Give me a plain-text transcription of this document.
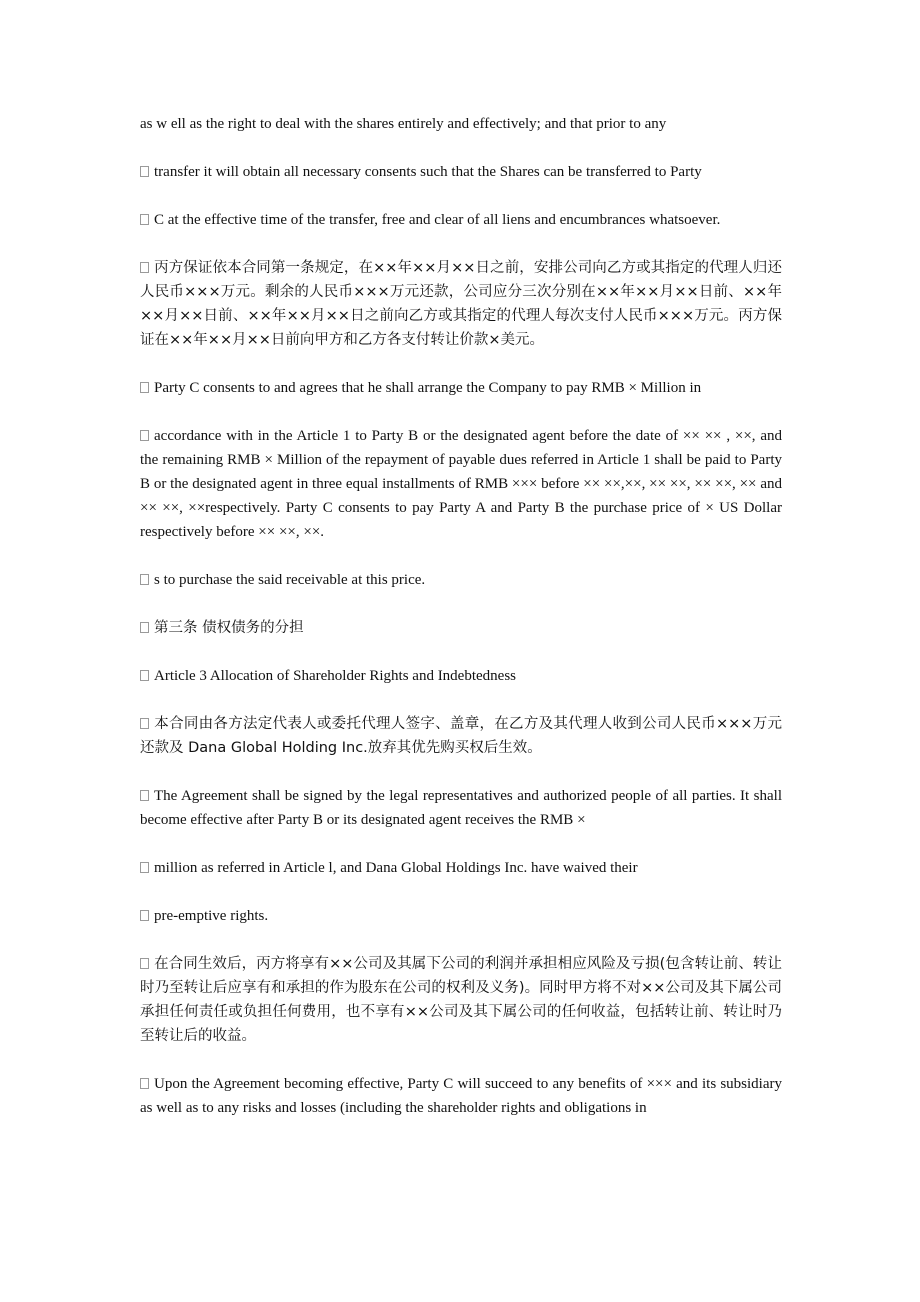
as w ell as the right to deal with the shares entirely and effectively; and that prior to any

transfer it will obtain all necessary consents such that the Shares can be transferred to Party

C at the effective time of the transfer, free and clear of all liens and encumbrances whatsoever.

丙方保证依本合同第一条规定，在××年××月××日之前，安排公司向乙方或其指定的代理人归还人民币×××万元。剩余的人民币×××万元还款，公司应分三次分别在××年××月××日前、××年××月××日前、××年××月××日之前向乙方或其指定的代理人每次支付人民币×××万元。丙方保证在××年××月××日前向甲方和乙方各支付转让价款×美元。

Party C consents to and agrees that he shall arrange the Company to pay RMB × Million in

accordance with in the Article 1 to Party B or the designated agent before the date of ×× ×× , ××, and the remaining RMB × Million of the repayment of payable dues referred in Article 1 shall be paid to Party B or the designated agent in three equal installments of RMB ××× before ×× ××,××, ×× ××, ×× ××, ×× and ×× ××, ××respectively. Party C consents to pay Party A and Party B the purchase price of × US Dollar respectively before ×× ××, ××.

s to purchase the said receivable at this price.

第三条 债权债务的分担

Article 3 Allocation of Shareholder Rights and Indebtedness

本合同由各方法定代表人或委托代理人签字、盖章，在乙方及其代理人收到公司人民币×××万元还款及 Dana Global Holding Inc.放弃其优先购买权后生效。

The Agreement shall be signed by the legal representatives and authorized people of all parties. It shall become effective after Party B or its designated agent receives the RMB ×

million as referred in Article l, and Dana Global Holdings Inc. have waived their

pre-emptive rights.

在合同生效后，丙方将享有××公司及其属下公司的利润并承担相应风险及亏损(包含转让前、转让时乃至转让后应享有和承担的作为股东在公司的权利及义务)。同时甲方将不对××公司及其下属公司承担任何责任或负担任何费用，也不享有××公司及其下属公司的任何收益，包括转让前、转让时乃至转让后的收益。

Upon the Agreement becoming effective, Party C will succeed to any benefits of ××× and its subsidiary as well as to any risks and losses (including the shareholder rights and obligations in
